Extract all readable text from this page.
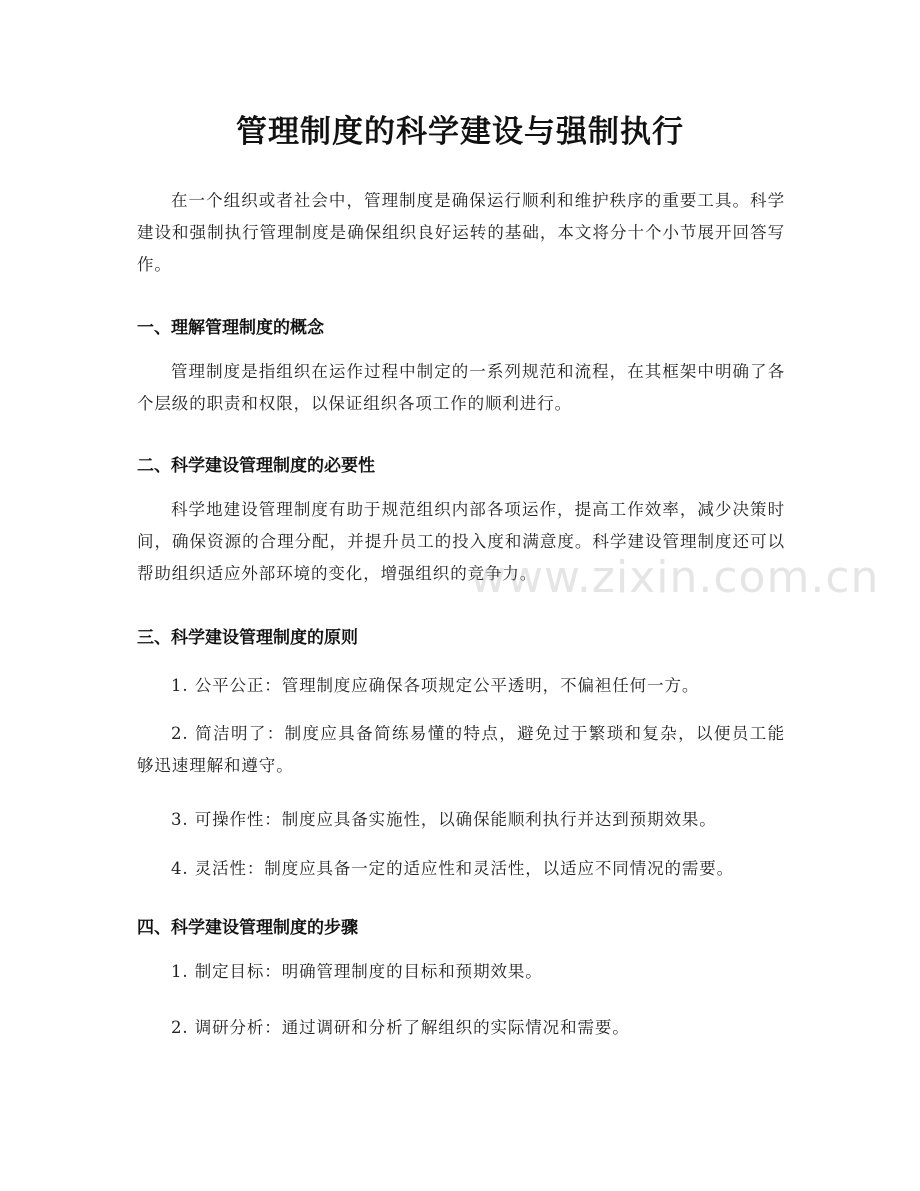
管理制度的科学建设与强制执行
在一个组织或者社会中，管理制度是确保运行顺利和维护秩序的重要工具。科学建设和强制执行管理制度是确保组织良好运转的基础，本文将分十个小节展开回答写作。
一、理解管理制度的概念
管理制度是指组织在运作过程中制定的一系列规范和流程，在其框架中明确了各个层级的职责和权限，以保证组织各项工作的顺利进行。
二、科学建设管理制度的必要性
科学地建设管理制度有助于规范组织内部各项运作，提高工作效率，减少决策时间，确保资源的合理分配，并提升员工的投入度和满意度。科学建设管理制度还可以帮助组织适应外部环境的变化，增强组织的竞争力。
三、科学建设管理制度的原则
1. 公平公正：管理制度应确保各项规定公平透明，不偏袒任何一方。
2. 简洁明了：制度应具备简练易懂的特点，避免过于繁琐和复杂，以便员工能够迅速理解和遵守。
3. 可操作性：制度应具备实施性，以确保能顺利执行并达到预期效果。
4. 灵活性：制度应具备一定的适应性和灵活性，以适应不同情况的需要。
四、科学建设管理制度的步骤
1. 制定目标：明确管理制度的目标和预期效果。
2. 调研分析：通过调研和分析了解组织的实际情况和需要。
www.zixin.com.cn
